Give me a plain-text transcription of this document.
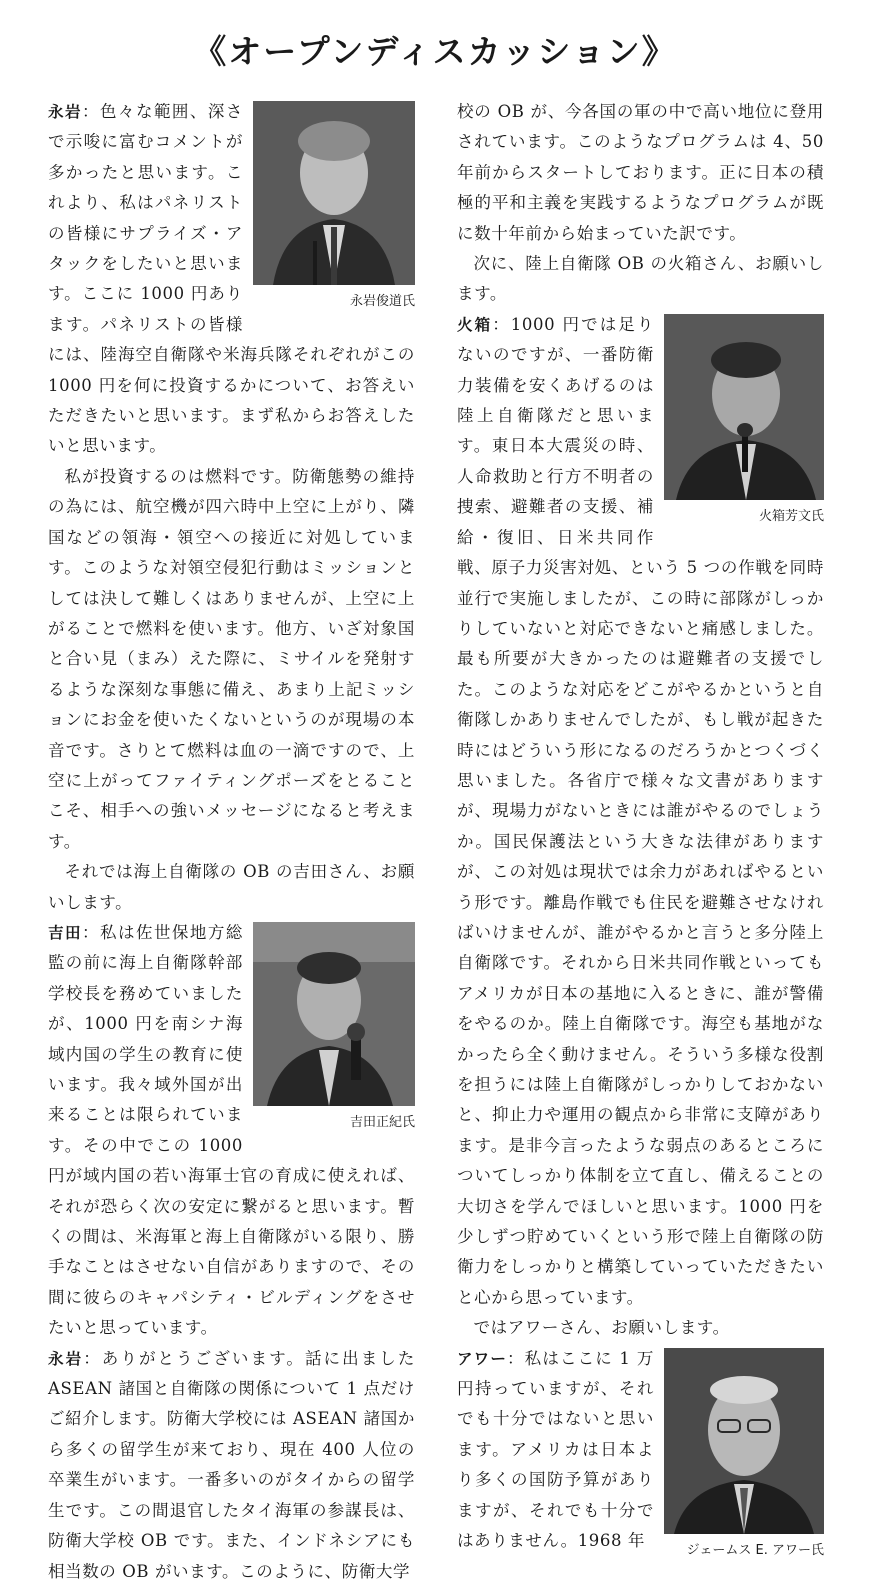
《オープンディスカッション》

永岩俊道氏
永岩：色々な範囲、深さで示唆に富むコメントが多かったと思います。これより、私はパネリストの皆様にサプライズ・アタックをしたいと思います。ここに 1000 円あります。パネリストの皆様には、陸海空自衛隊や米海兵隊それぞれがこの 1000 円を何に投資するかについて、お答えいただきたいと思います。まず私からお答えしたいと思います。

私が投資するのは燃料です。防衛態勢の維持の為には、航空機が四六時中上空に上がり、隣国などの領海・領空への接近に対処しています。このような対領空侵犯行動はミッションとしては決して難しくはありませんが、上空に上がることで燃料を使います。他方、いざ対象国と合い見（まみ）えた際に、ミサイルを発射するような深刻な事態に備え、あまり上記ミッションにお金を使いたくないというのが現場の本音です。さりとて燃料は血の一滴ですので、上空に上がってファイティングポーズをとることこそ、相手への強いメッセージになると考えます。

それでは海上自衛隊の OB の吉田さん、お願いします。

吉田正紀氏
吉田：私は佐世保地方総監の前に海上自衛隊幹部学校長を務めていましたが、1000 円を南シナ海域内国の学生の教育に使います。我々域外国が出来ることは限られています。その中でこの 1000 円が域内国の若い海軍士官の育成に使えれば、それが恐らく次の安定に繋がると思います。暫くの間は、米海軍と海上自衛隊がいる限り、勝手なことはさせない自信がありますので、その間に彼らのキャパシティ・ビルディングをさせたいと思っています。

永岩：ありがとうございます。話に出ました ASEAN 諸国と自衛隊の関係について 1 点だけご紹介します。防衛大学校には ASEAN 諸国から多くの留学生が来ており、現在 400 人位の卒業生がいます。一番多いのがタイからの留学生です。この間退官したタイ海軍の参謀長は、防衛大学校 OB です。また、インドネシアにも相当数の OB がいます。このように、防衛大学

校の OB が、今各国の軍の中で高い地位に登用されています。このようなプログラムは 4、50 年前からスタートしております。正に日本の積極的平和主義を実践するようなプログラムが既に数十年前から始まっていた訳です。

次に、陸上自衛隊 OB の火箱さん、お願いします。

火箱芳文氏
火箱：1000 円では足りないのですが、一番防衛力装備を安くあげるのは陸上自衛隊だと思います。東日本大震災の時、人命救助と行方不明者の捜索、避難者の支援、補給・復旧、日米共同作戦、原子力災害対処、という 5 つの作戦を同時並行で実施しましたが、この時に部隊がしっかりしていないと対応できないと痛感しました。最も所要が大きかったのは避難者の支援でした。このような対応をどこがやるかというと自衛隊しかありませんでしたが、もし戦が起きた時にはどういう形になるのだろうかとつくづく思いました。各省庁で様々な文書がありますが、現場力がないときには誰がやるのでしょうか。国民保護法という大きな法律がありますが、この対処は現状では余力があればやるという形です。離島作戦でも住民を避難させなければいけませんが、誰がやるかと言うと多分陸上自衛隊です。それから日米共同作戦といってもアメリカが日本の基地に入るときに、誰が警備をやるのか。陸上自衛隊です。海空も基地がなかったら全く動けません。そういう多様な役割を担うには陸上自衛隊がしっかりしておかないと、抑止力や運用の観点から非常に支障があります。是非今言ったような弱点のあるところについてしっかり体制を立て直し、備えることの大切さを学んでほしいと思います。1000 円を少しずつ貯めていくという形で陸上自衛隊の防衛力をしっかりと構築していっていただきたいと心から思っています。

ではアワーさん、お願いします。

ジェームス E. アワー氏
アワー：私はここに 1 万円持っていますが、それでも十分ではないと思います。アメリカは日本より多くの国防予算がありますが、それでも十分ではありません。1968 年
